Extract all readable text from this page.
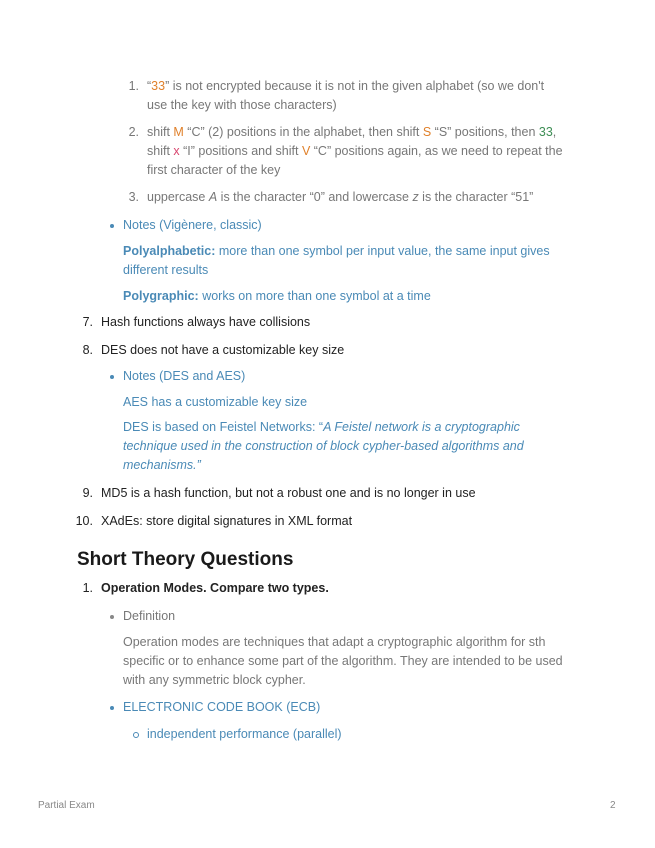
1. “33” is not encrypted because it is not in the given alphabet (so we don't
use the key with those characters)
2. shift M “C” (2) positions in the alphabet, then shift S “S” positions, then 33,
shift x “I” positions and shift V “C” positions again, as we need to repeat the
first character of the key
3. uppercase A is the character “0” and lowercase z is the character “51”
Notes (Vigènere, classic)
Polyalphabetic: more than one symbol per input value, the same input gives
different results
Polygraphic: works on more than one symbol at a time
7. Hash functions always have collisions
8. DES does not have a customizable key size
Notes (DES and AES)
AES has a customizable key size
DES is based on Feistel Networks: “A Feistel network is a cryptographic
technique used in the construction of block cypher-based algorithms and
mechanisms.”
9. MD5 is a hash function, but not a robust one and is no longer in use
10. XAdEs: store digital signatures in XML format
Short Theory Questions
1. Operation Modes. Compare two types.
Definition
Operation modes are techniques that adapt a cryptographic algorithm for sth
specific or to enhance some part of the algorithm. They are intended to be used
with any symmetric block cypher.
ELECTRONIC CODE BOOK (ECB)
independent performance (parallel)
Partial Exam	2
